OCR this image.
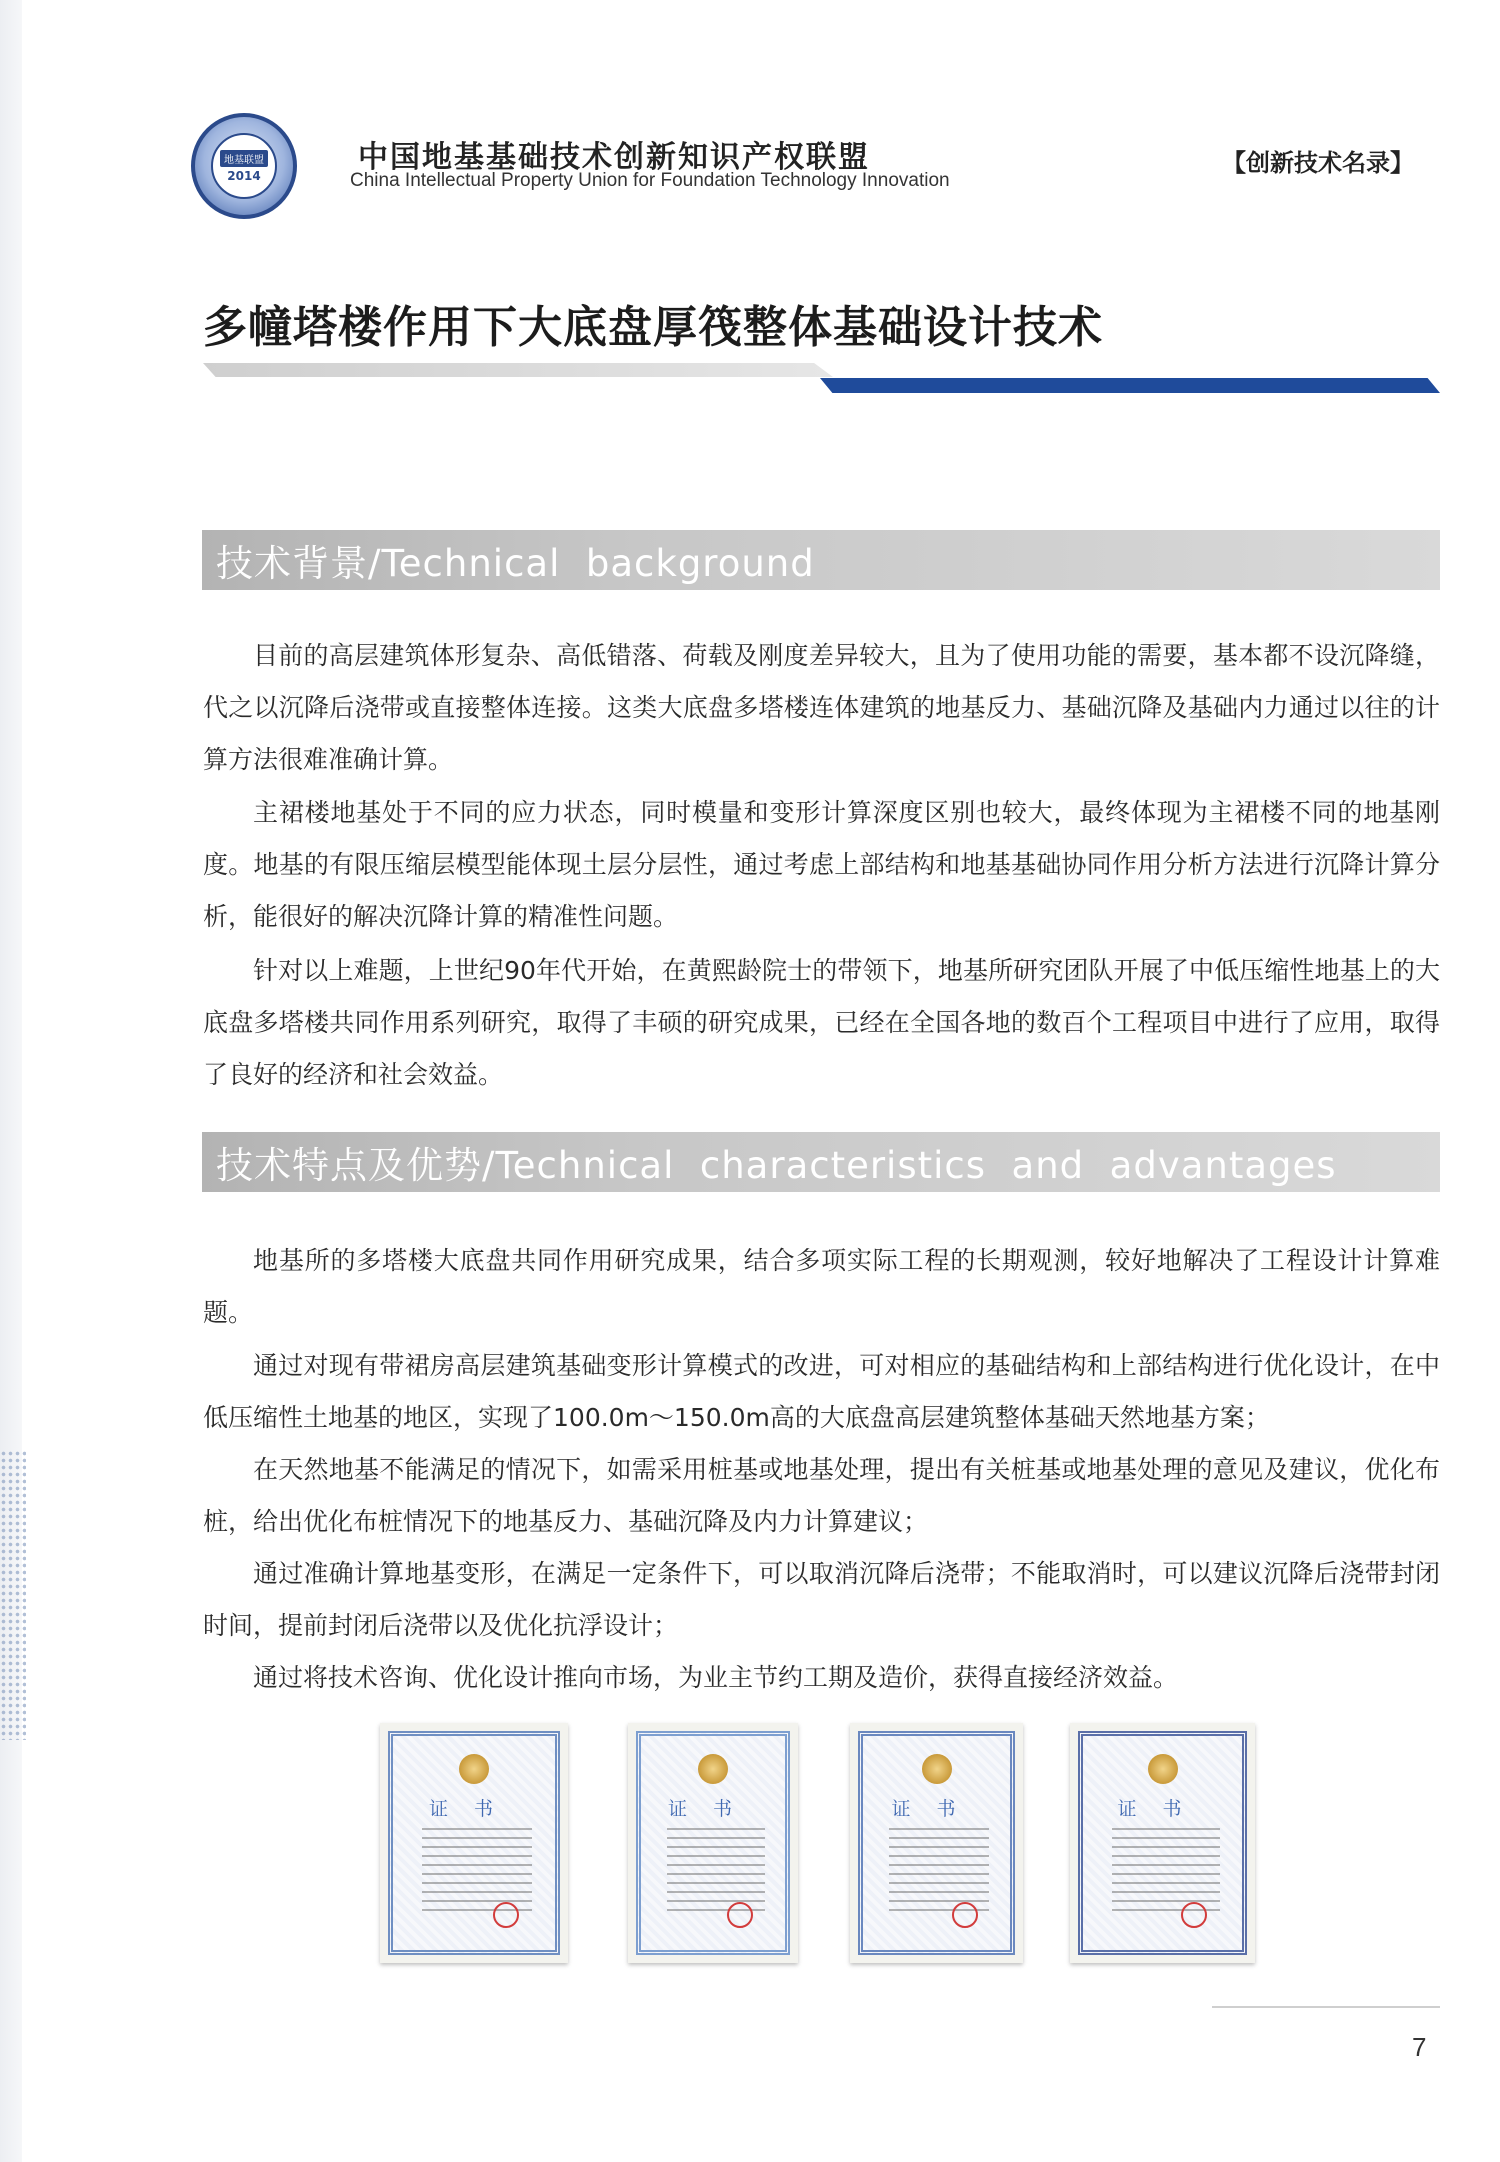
地基联盟
2014
中国地基基础技术创新知识产权联盟
China Intellectual Property Union for Foundation Technology Innovation
【创新技术名录】
多幢塔楼作用下大底盘厚筏整体基础设计技术
技术背景/Technical  background

目前的高层建筑体形复杂、高低错落、荷载及刚度差异较大，且为了使用功能的需要，基本都不设沉降缝，代之以沉降后浇带或直接整体连接。这类大底盘多塔楼连体建筑的地基反力、基础沉降及基础内力通过以往的计算方法很难准确计算。

主裙楼地基处于不同的应力状态，同时模量和变形计算深度区别也较大，最终体现为主裙楼不同的地基刚度。地基的有限压缩层模型能体现土层分层性，通过考虑上部结构和地基基础协同作用分析方法进行沉降计算分析，能很好的解决沉降计算的精准性问题。

针对以上难题，上世纪90年代开始，在黄熙龄院士的带领下，地基所研究团队开展了中低压缩性地基上的大底盘多塔楼共同作用系列研究，取得了丰硕的研究成果，已经在全国各地的数百个工程项目中进行了应用，取得了良好的经济和社会效益。

技术特点及优势/Technical  characteristics  and  advantages

地基所的多塔楼大底盘共同作用研究成果，结合多项实际工程的长期观测，较好地解决了工程设计计算难题。

通过对现有带裙房高层建筑基础变形计算模式的改进，可对相应的基础结构和上部结构进行优化设计，在中低压缩性土地基的地区，实现了100.0m～150.0m高的大底盘高层建筑整体基础天然地基方案；

在天然地基不能满足的情况下，如需采用桩基或地基处理，提出有关桩基或地基处理的意见及建议，优化布桩，给出优化布桩情况下的地基反力、基础沉降及内力计算建议；

通过准确计算地基变形，在满足一定条件下，可以取消沉降后浇带；不能取消时，可以建议沉降后浇带封闭时间，提前封闭后浇带以及优化抗浮设计；

通过将技术咨询、优化设计推向市场，为业主节约工期及造价，获得直接经济效益。

证书	证书	证书	证书
7
